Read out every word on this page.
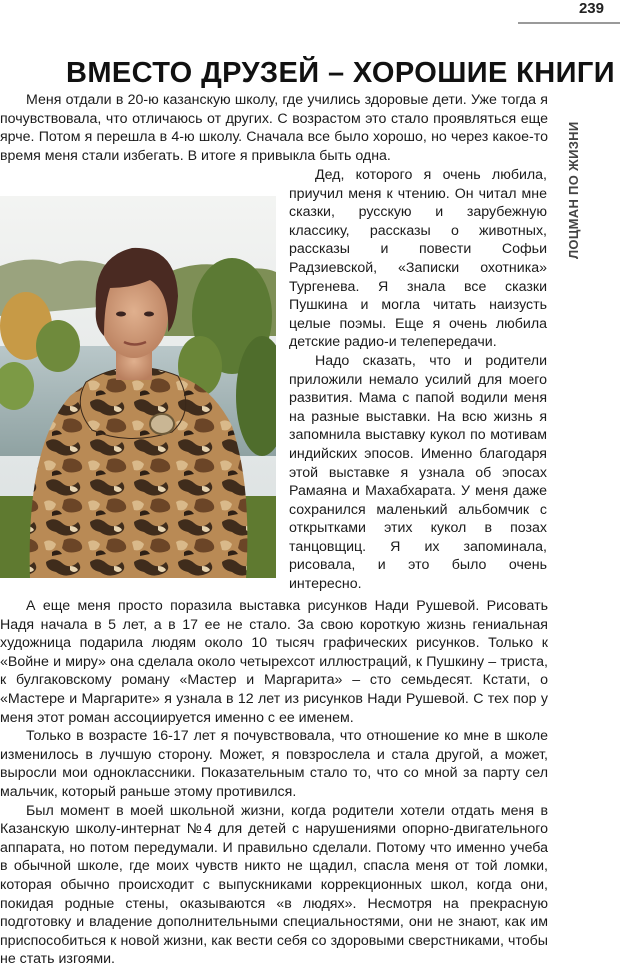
239
ЛОЦМАН ПО ЖИЗНИ
ВМЕСТО ДРУЗЕЙ – ХОРОШИЕ КНИГИ

Меня отдали в 20-ю казанскую школу, где учились здоровые дети. Уже тогда я почувствовала, что отличаюсь от других. С возрастом это стало проявляться еще ярче. Потом я перешла в 4-ю школу. Сначала все было хорошо, но через какое-то время меня стали избегать. В итоге я привыкла быть одна.

Дед, которого я очень любила, приучил меня к чтению. Он читал мне сказки, русскую и зарубежную классику, рассказы о животных, рассказы и повести Софьи Радзиевской, «Записки охотника» Тургенева. Я знала все сказки Пушкина и могла читать наизусть целые поэмы. Еще я очень любила детские радио-и телепередачи.

Надо сказать, что и родители приложили немало усилий для моего развития. Мама с папой водили меня на разные выставки. На всю жизнь я запомнила выставку кукол по мотивам индийских эпосов. Именно благодаря этой выставке я узнала об эпосах Рамаяна и Махабхарата. У меня даже сохранился маленький альбомчик с открытками этих кукол в позах танцовщиц. Я их запоминала, рисовала, и это было очень интересно.

А еще меня просто поразила выставка рисунков Нади Рушевой. Рисовать Надя начала в 5 лет, а в 17 ее не стало. За свою короткую жизнь гениальная художница подарила людям около 10 тысяч графических рисунков. Только к «Войне и миру» она сделала около четырехсот иллюстраций, к Пушкину – триста, к булгаковскому роману «Мастер и Маргарита» – сто семьдесят. Кстати, о «Мастере и Маргарите» я узнала в 12 лет из рисунков Нади Рушевой. С тех пор у меня этот роман ассоциируется именно с ее именем.

Только в возрасте 16-17 лет я почувствовала, что отношение ко мне в школе изменилось в лучшую сторону. Может, я повзрослела и стала другой, а может, выросли мои одноклассники. Показательным стало то, что со мной за парту сел мальчик, который раньше этому противился.

Был момент в моей школьной жизни, когда родители хотели отдать меня в Казанскую школу-интернат №4 для детей с нарушениями опорно-двигательного аппарата, но потом передумали. И правильно сделали. Потому что именно учеба в обычной школе, где моих чувств никто не щадил, спасла меня от той ломки, которая обычно происходит с выпускниками коррекционных школ, когда они, покидая родные стены, оказываются «в людях». Несмотря на прекрасную подготовку и владение дополнительными специальностями, они не знают, как им приспособиться к новой жизни, как вести себя со здоровыми сверстниками, чтобы не стать изгоями.
